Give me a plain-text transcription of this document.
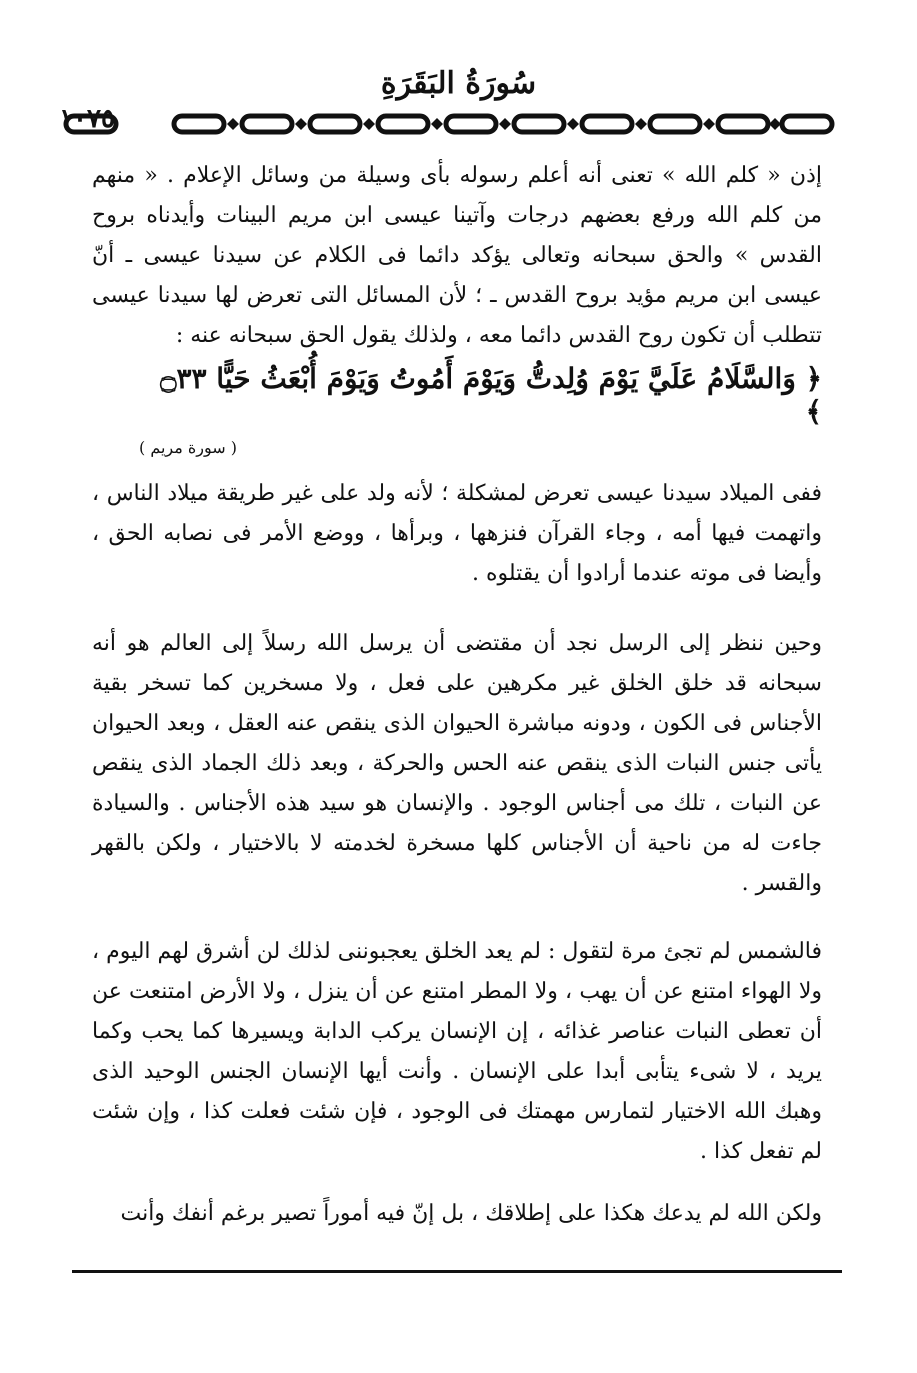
سُورَةُ البَقَرَةِ
١٠٧٥
إذن « كلم الله » تعنى أنه أعلم رسوله بأى وسيلة من وسائل الإعلام . « منهم من كلم الله ورفع بعضهم درجات وآتينا عيسى ابن مريم البينات وأيدناه بروح القدس » والحق سبحانه وتعالى يؤكد دائما فى الكلام عن سيدنا عيسى ـ أنّ عيسى ابن مريم مؤيد بروح القدس ـ ؛ لأن المسائل التى تعرض لها سيدنا عيسى تتطلب أن تكون روح القدس دائما معه ، ولذلك يقول الحق سبحانه عنه :
﴿ وَالسَّلَامُ عَلَيَّ يَوْمَ وُلِدتُّ وَيَوْمَ أَمُوتُ وَيَوْمَ أُبْعَثُ حَيًّا ۝٣٣ ﴾
( سورة مريم )
ففى الميلاد سيدنا عيسى تعرض لمشكلة ؛ لأنه ولد على غير طريقة ميلاد الناس ، واتهمت فيها أمه ، وجاء القرآن فنزهها ، وبرأها ، ووضع الأمر فى نصابه الحق ، وأيضا فى موته عندما أرادوا أن يقتلوه .
وحين ننظر إلى الرسل نجد أن مقتضى أن يرسل الله رسلاً إلى العالم هو أنه سبحانه قد خلق الخلق غير مكرهين على فعل ، ولا مسخرين كما تسخر بقية الأجناس فى الكون ، ودونه مباشرة الحيوان الذى ينقص عنه العقل ، وبعد الحيوان يأتى جنس النبات الذى ينقص عنه الحس والحركة ، وبعد ذلك الجماد الذى ينقص عن النبات ، تلك مى أجناس الوجود . والإنسان هو سيد هذه الأجناس . والسيادة جاءت له من ناحية أن الأجناس كلها مسخرة لخدمته لا بالاختيار ، ولكن بالقهر والقسر .
فالشمس لم تجئ مرة لتقول : لم يعد الخلق يعجبوننى لذلك لن أشرق لهم اليوم ، ولا الهواء امتنع عن أن يهب ، ولا المطر امتنع عن أن ينزل ، ولا الأرض امتنعت عن أن تعطى النبات عناصر غذائه ، إن الإنسان يركب الدابة ويسيرها كما يحب وكما يريد ، لا شىء يتأبى أبدا على الإنسان . وأنت أيها الإنسان الجنس الوحيد الذى وهبك الله الاختيار لتمارس مهمتك فى الوجود ، فإن شئت فعلت كذا ، وإن شئت لم تفعل كذا .
ولكن الله لم يدعك هكذا على إطلاقك ، بل إنّ فيه أموراً تصير برغم أنفك وأنت
